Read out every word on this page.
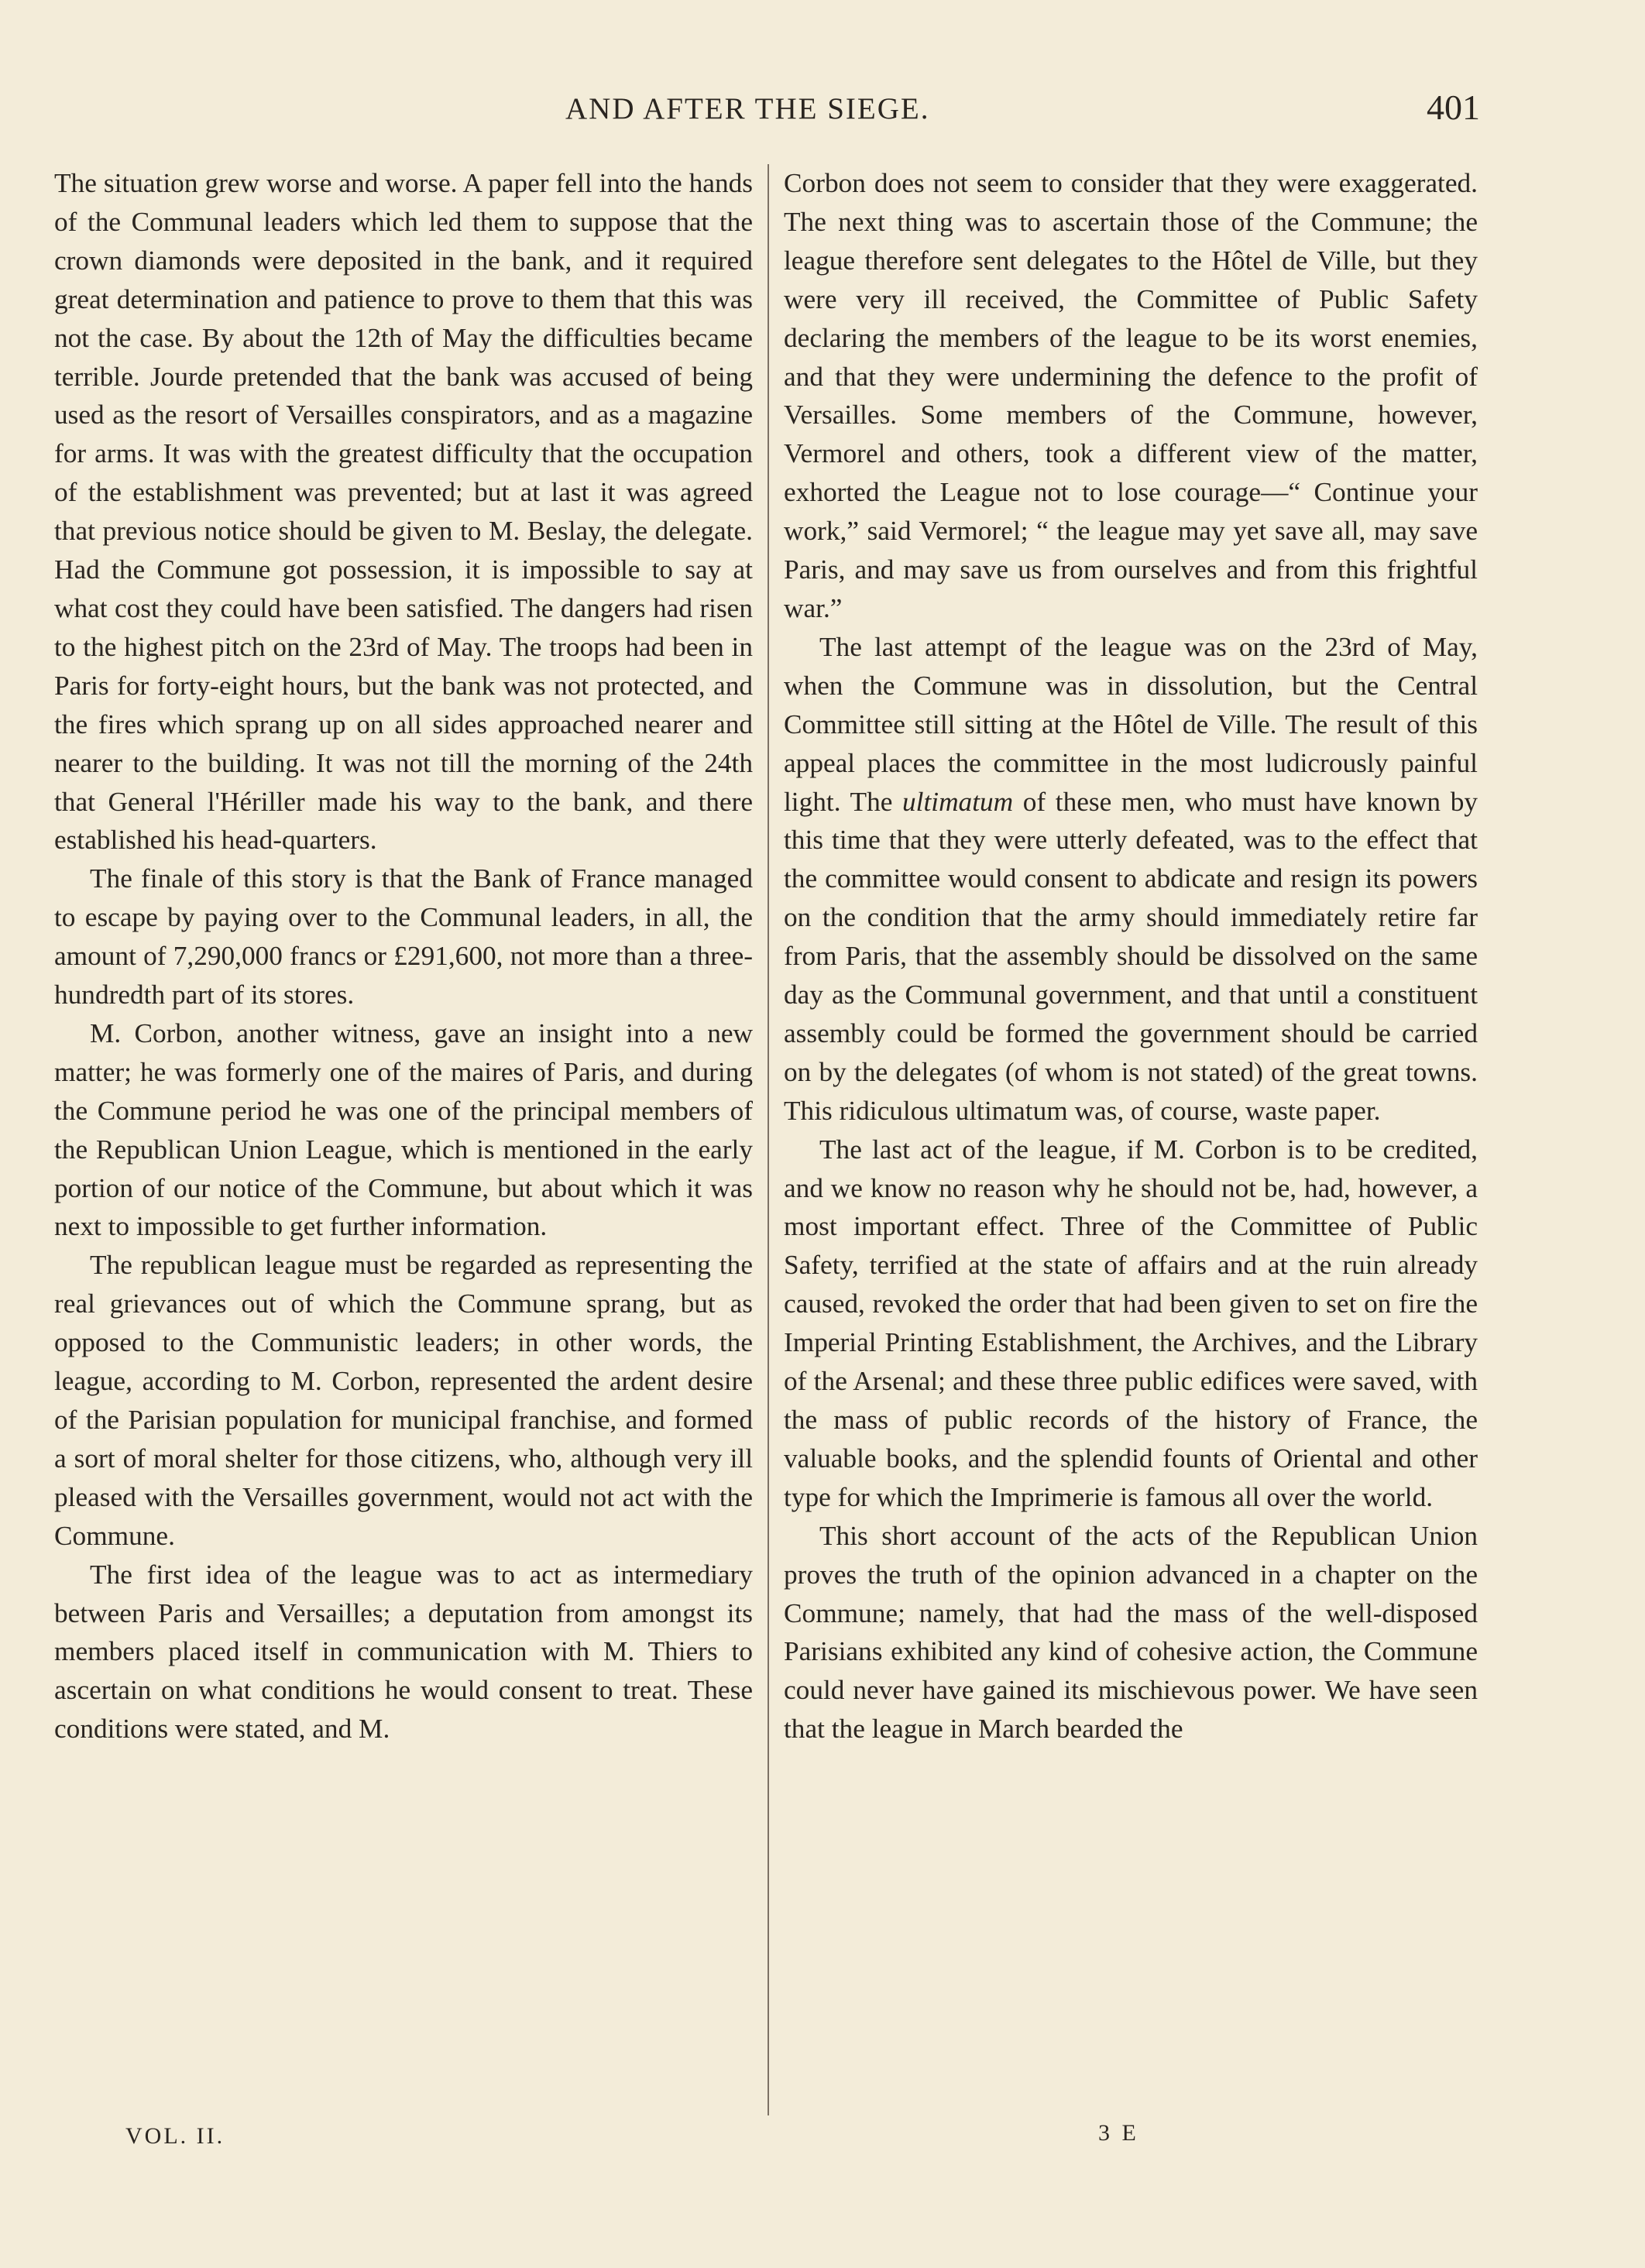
AND AFTER THE SIEGE.	401

The situation grew worse and worse. A paper fell into the hands of the Communal leaders which led them to suppose that the crown diamonds were deposited in the bank, and it required great determination and patience to prove to them that this was not the case. By about the 12th of May the difficulties became terrible. Jourde pretended that the bank was accused of being used as the resort of Versailles conspirators, and as a magazine for arms. It was with the greatest difficulty that the occupation of the establishment was prevented; but at last it was agreed that previous notice should be given to M. Beslay, the delegate. Had the Commune got possession, it is impossible to say at what cost they could have been satisfied. The dangers had risen to the highest pitch on the 23rd of May. The troops had been in Paris for forty-eight hours, but the bank was not protected, and the fires which sprang up on all sides approached nearer and nearer to the building. It was not till the morning of the 24th that General l'Hériller made his way to the bank, and there established his head-quarters.

The finale of this story is that the Bank of France managed to escape by paying over to the Communal leaders, in all, the amount of 7,290,000 francs or £291,600, not more than a three-hundredth part of its stores.

M. Corbon, another witness, gave an insight into a new matter; he was formerly one of the maires of Paris, and during the Commune period he was one of the principal members of the Republican Union League, which is mentioned in the early portion of our notice of the Commune, but about which it was next to impossible to get further information.

The republican league must be regarded as representing the real grievances out of which the Commune sprang, but as opposed to the Communistic leaders; in other words, the league, according to M. Corbon, represented the ardent desire of the Parisian population for municipal franchise, and formed a sort of moral shelter for those citizens, who, although very ill pleased with the Versailles government, would not act with the Commune.

The first idea of the league was to act as intermediary between Paris and Versailles; a deputation from amongst its members placed itself in communication with M. Thiers to ascertain on what conditions he would consent to treat. These conditions were stated, and M.

Corbon does not seem to consider that they were exaggerated. The next thing was to ascertain those of the Commune; the league therefore sent delegates to the Hôtel de Ville, but they were very ill received, the Committee of Public Safety declaring the members of the league to be its worst enemies, and that they were undermining the defence to the profit of Versailles. Some members of the Commune, however, Vermorel and others, took a different view of the matter, exhorted the League not to lose courage—“ Continue your work,” said Vermorel; “ the league may yet save all, may save Paris, and may save us from ourselves and from this frightful war.”

The last attempt of the league was on the 23rd of May, when the Commune was in dissolution, but the Central Committee still sitting at the Hôtel de Ville. The result of this appeal places the committee in the most ludicrously painful light. The ultimatum of these men, who must have known by this time that they were utterly defeated, was to the effect that the committee would consent to abdicate and resign its powers on the condition that the army should immediately retire far from Paris, that the assembly should be dissolved on the same day as the Communal government, and that until a constituent assembly could be formed the government should be carried on by the delegates (of whom is not stated) of the great towns. This ridiculous ultimatum was, of course, waste paper.

The last act of the league, if M. Corbon is to be credited, and we know no reason why he should not be, had, however, a most important effect. Three of the Committee of Public Safety, terrified at the state of affairs and at the ruin already caused, revoked the order that had been given to set on fire the Imperial Printing Establishment, the Archives, and the Library of the Arsenal; and these three public edifices were saved, with the mass of public records of the history of France, the valuable books, and the splendid founts of Oriental and other type for which the Imprimerie is famous all over the world.

This short account of the acts of the Republican Union proves the truth of the opinion advanced in a chapter on the Commune; namely, that had the mass of the well-disposed Parisians exhibited any kind of cohesive action, the Commune could never have gained its mischievous power. We have seen that the league in March bearded the

VOL. II.	3 E
